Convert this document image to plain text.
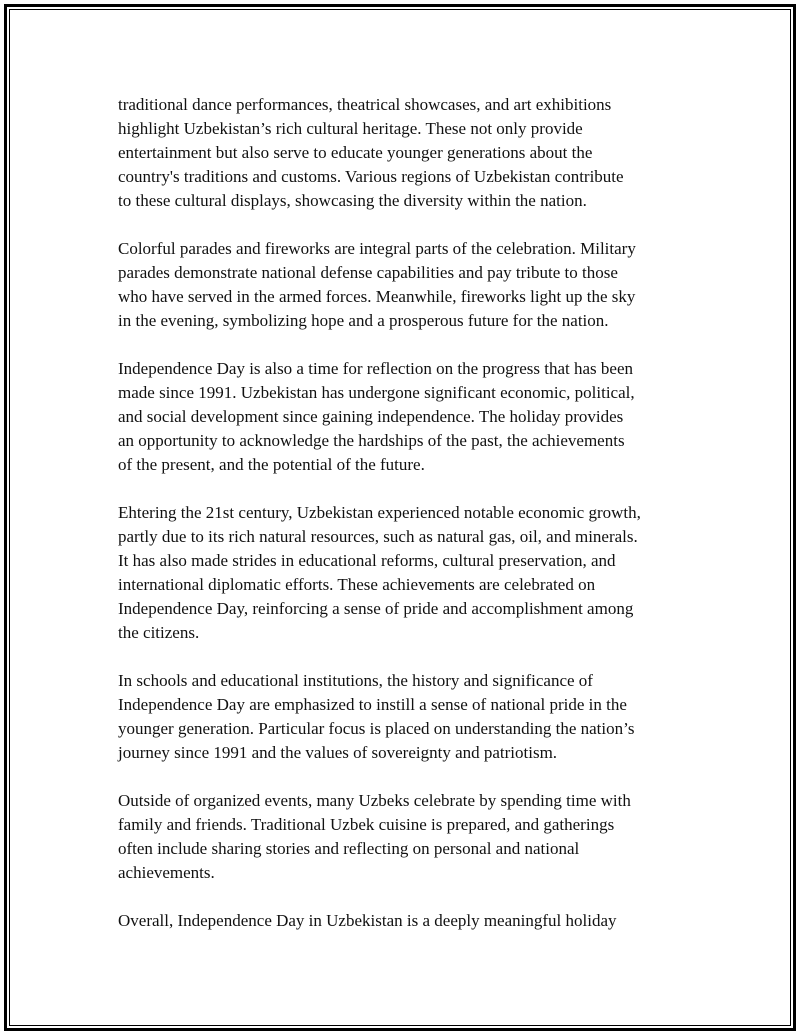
traditional dance performances, theatrical showcases, and art exhibitions
highlight Uzbekistan’s rich cultural heritage. These not only provide
entertainment but also serve to educate younger generations about the
country's traditions and customs. Various regions of Uzbekistan contribute
to these cultural displays, showcasing the diversity within the nation.

Colorful parades and fireworks are integral parts of the celebration. Military
parades demonstrate national defense capabilities and pay tribute to those
who have served in the armed forces. Meanwhile, fireworks light up the sky
in the evening, symbolizing hope and a prosperous future for the nation.

Independence Day is also a time for reflection on the progress that has been
made since 1991. Uzbekistan has undergone significant economic, political,
and social development since gaining independence. The holiday provides
an opportunity to acknowledge the hardships of the past, the achievements
of the present, and the potential of the future.

Ehtering the 21st century, Uzbekistan experienced notable economic growth,
partly due to its rich natural resources, such as natural gas, oil, and minerals.
It has also made strides in educational reforms, cultural preservation, and
international diplomatic efforts. These achievements are celebrated on
Independence Day, reinforcing a sense of pride and accomplishment among
the citizens.

In schools and educational institutions, the history and significance of
Independence Day are emphasized to instill a sense of national pride in the
younger generation. Particular focus is placed on understanding the nation’s
journey since 1991 and the values of sovereignty and patriotism.

Outside of organized events, many Uzbeks celebrate by spending time with
family and friends. Traditional Uzbek cuisine is prepared, and gatherings
often include sharing stories and reflecting on personal and national
achievements.

Overall, Independence Day in Uzbekistan is a deeply meaningful holiday
